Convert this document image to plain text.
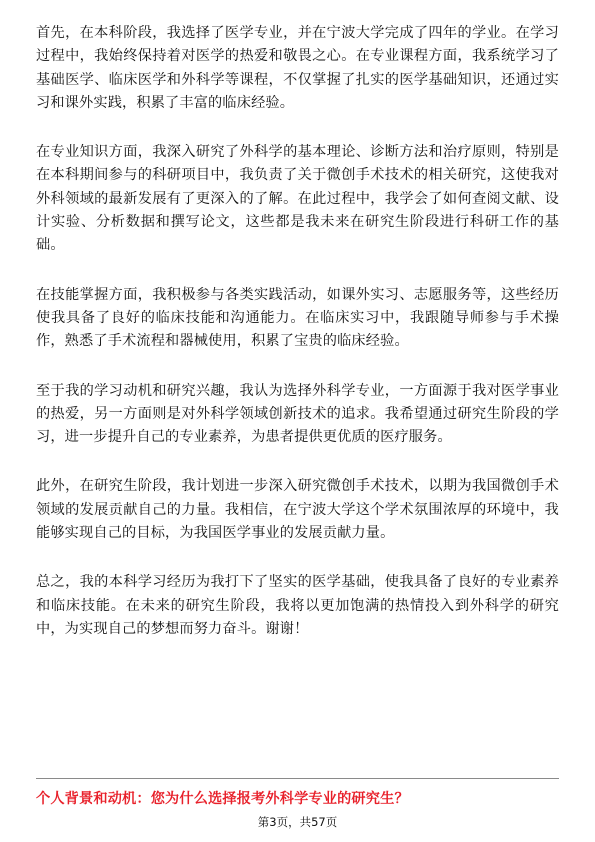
首先，在本科阶段，我选择了医学专业，并在宁波大学完成了四年的学业。在学习过程中，我始终保持着对医学的热爱和敬畏之心。在专业课程方面，我系统学习了基础医学、临床医学和外科学等课程，不仅掌握了扎实的医学基础知识，还通过实习和课外实践，积累了丰富的临床经验。

在专业知识方面，我深入研究了外科学的基本理论、诊断方法和治疗原则，特别是在本科期间参与的科研项目中，我负责了关于微创手术技术的相关研究，这使我对外科领域的最新发展有了更深入的了解。在此过程中，我学会了如何查阅文献、设计实验、分析数据和撰写论文，这些都是我未来在研究生阶段进行科研工作的基础。

在技能掌握方面，我积极参与各类实践活动，如课外实习、志愿服务等，这些经历使我具备了良好的临床技能和沟通能力。在临床实习中，我跟随导师参与手术操作，熟悉了手术流程和器械使用，积累了宝贵的临床经验。

至于我的学习动机和研究兴趣，我认为选择外科学专业，一方面源于我对医学事业的热爱，另一方面则是对外科学领域创新技术的追求。我希望通过研究生阶段的学习，进一步提升自己的专业素养，为患者提供更优质的医疗服务。

此外，在研究生阶段，我计划进一步深入研究微创手术技术，以期为我国微创手术领域的发展贡献自己的力量。我相信，在宁波大学这个学术氛围浓厚的环境中，我能够实现自己的目标，为我国医学事业的发展贡献力量。

总之，我的本科学习经历为我打下了坚实的医学基础，使我具备了良好的专业素养和临床技能。在未来的研究生阶段，我将以更加饱满的热情投入到外科学的研究中，为实现自己的梦想而努力奋斗。谢谢！

个人背景和动机：您为什么选择报考外科学专业的研究生？
第3页，共57页
